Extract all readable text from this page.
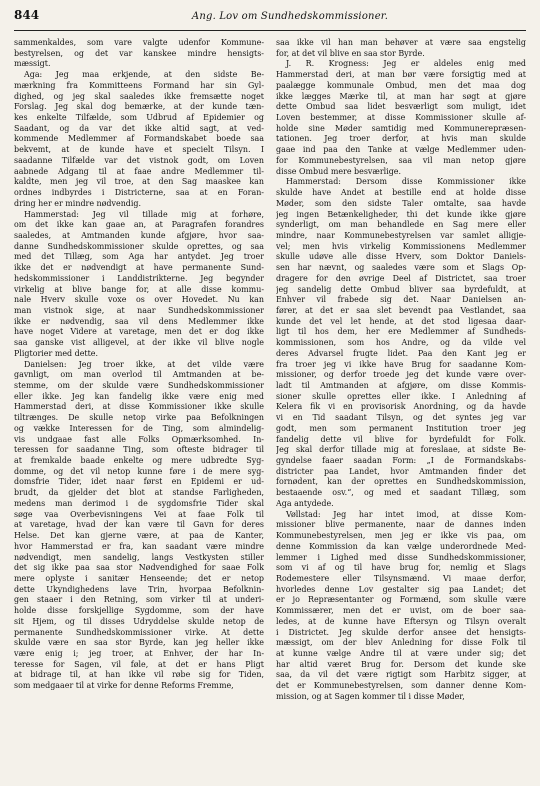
844	Ang. Lov om Sundhedskommissioner.
sammenkaldes, som vare valgte udenfor Kommune-
bestyrelsen, og det var kanskee mindre hensigts-
mæssigt.
Aga: Jeg maa erkjende, at den sidste Be-
mærkning fra Kommitteens Formand har sin Gyl-
dighed, og jeg skal saaledes ikke fremsætte noget
Forslag. Jeg skal dog bemærke, at der kunde tæn-
kes enkelte Tilfælde, som Udbrud af Epidemier og
Saadant, og da var det ikke altid sagt, at ved-
kommende Medlemmer af Formandskabet boede saa
bekvemt, at de kunde have et specielt Tilsyn. I
saadanne Tilfælde var det vistnok godt, om Loven
aabnede Adgang til at faae andre Medlemmer til-
kaldte, men jeg vil troe, at den Sag maaskee kan
ordnes indbyrdes i Districterne, saa at en Foran-
dring her er mindre nødvendig.
Hammerstad: Jeg vil tillade mig at forhøre,
om det ikke kan gaae an, at Paragrafen forandres
saaledes, at Amtmanden kunde afgjøre, hvor saa-
danne Sundhedskommissioner skulde oprettes, og saa
med det Tillæg, som Aga har antydet. Jeg troer
ikke det er nødvendigt at have permanente Sund-
hedskommissioner i Landdistrikterne. Jeg begynder
virkelig at blive bange for, at alle disse kommu-
nale Hverv skulle voxe os over Hovedet. Nu kan
man vistnok sige, at naar Sundhedskommissioner
ikke er nødvendig, saa vil dens Medlemmer ikke
have noget Videre at varetage, men det er dog ikke
saa ganske vist alligevel, at der ikke vil blive nogle
Pligtorier med dette.
Danielsen: Jeg troer ikke, at det vilde være
gavnligt, om man overlod til Amtmanden at be-
stemme, om der skulde være Sundhedskommissioner
eller ikke. Jeg kan fandelig ikke være enig med
Hammerstad deri, at disse Kommissioner ikke skulle
tiltrænges. De skulle netop virke paa Befolkningen
og vække Interessen for de Ting, som almindelig-
vis undgaae fast alle Folks Opmærksomhed. In-
teressen for saadanne Ting, som ofteste bidrager til
at fremkalde baade enkelte og mere udbredte Syg-
domme, og det vil netop kunne føre i de mere syg-
domsfrie Tider, idet naar først en Epidemi er ud-
brudt, da gjelder det blot at standse Farligheden,
medens man derimod i de sygdomsfrie Tider skal
søge vaa Overbevisningens Vei at faae Folk til
at varetage, hvad der kan være til Gavn for deres
Helse. Det kan gjerne være, at paa de Kanter,
hvor Hammerstad er fra, kan saadant være mindre
nødvendigt, men sandelig, langs Vestkysten stiller
det sig ikke paa saa stor Nødvendighed for saae Folk
mere oplyste i sanitær Henseende; det er netop
dette Ukyndighedens lave Trin, hvorpaa Befolknin-
gen staaer i den Retning, som virker til at underi-
holde disse forskjellige Sygdomme, som der have
sit Hjem, og til disses Udryddelse skulde netop de
permanente Sundhedskommissioner virke. At dette
skulde være en saa stor Byrde, kan jeg heller ikke
være enig i; jeg troer, at Enhver, der har In-
teresse for Sagen, vil føle, at det er hans Pligt
at bidrage til, at han ikke vil røbe sig for Tiden,
som medgaaer til at virke for denne Reforms Fremme,
saa ikke vil han man behøver at være saa engstelig
for, at det vil blive en saa stor Byrde.
J. R. Krogness: Jeg er aldeles enig med
Hammerstad deri, at man bør være forsigtig med at
paalægge kommunale Ombud, men det maa dog
ikke lægges Mærke til, at man har søgt at gjøre
dette Ombud saa lidet besværligt som muligt, idet
Loven bestemmer, at disse Kommissioner skulle af-
holde sine Møder samtidig med Kommunerepræsen-
tationen. Jeg troer derfor, at hvis man skulde
gaae ind paa den Tanke at vælge Medlemmer uden-
for Kommunebestyrelsen, saa vil man netop gjøre
disse Ombud mere besværlige.
Hammerstad: Dersom disse Kommissioner ikke
skulde have Andet at bestille end at holde disse
Møder, som den sidste Taler omtalte, saa havde
jeg ingen Betænkeligheder, thi det kunde ikke gjøre
synderligt, om man behandlede en Sag mere eller
mindre, naar Kommunebestyrelsen var samlet alligje-
vel; men hvis virkelig Kommissionens Medlemmer
skulle udøve alle disse Hverv, som Doktor Daniels-
sen har nævnt, og saaledes være som et Slags Op-
dragere for den øvrige Deel af Districtet, saa troer
jeg sandelig dette Ombud bliver saa byrdefuldt, at
Enhver vil frabede sig det. Naar Danielsen an-
fører, at det er saa slet bevendt paa Vestlandet, saa
kunde det vel let hende, at det stod ligesaa daar-
ligt til hos dem, her ere Medlemmer af Sundheds-
kommissionen, som hos Andre, og da vilde vel
deres Advarsel frugte lidet. Paa den Kant jeg er
fra troer jeg vi ikke have Brug for saadanne Kom-
missioner, og derfor troede jeg det kunde være over-
ladt til Amtmanden at afgjøre, om disse Kommis-
sioner skulle oprettes eller ikke. I Anledning af
Kelera fik vi en provisorisk Anordning, og da havde
vi en Tid saadant Tilsyn, og det syntes jeg var
godt, men som permanent Institution troer jeg
fandelig dette vil blive for byrdefuldt for Folk.
Jeg skal derfor tillade mig at foreslaae, at sidste Be-
gyndelse faaer saadan Form: „I de Formandskabs-
districter paa Landet, hvor Amtmanden finder det
fornødent, kan der oprettes en Sundhedskommission,
bestaaende osv.“, og med et saadant Tillæg, som
Aga antydede.
Vøllstad: Jeg har intet imod, at disse Kom-
missioner blive permanente, naar de dannes inden
Kommunebestyrelsen, men jeg er ikke vis paa, om
denne Kommission da kan vælge underordnede Med-
lemmer i Lighed med disse Sundhedskommissioner,
som vi af og til have brug for, nemlig et Slags
Rodemestere eller Tilsynsmænd. Vi maae derfor,
hvorledes denne Lov gestalter sig paa Landet; det
er jo Repræsentanter og Formænd, som skulle være
Kommissærer, men det er uvist, om de boer saa-
ledes, at de kunne have Eftersyn og Tilsyn overalt
i Districtet. Jeg skulde derfor ansee det hensigts-
mæssigt, om der blev Anledning for disse Folk til
at kunne vælge Andre til at være under sig; det
har altid været Brug for. Dersom det kunde ske
saa, da vil det være rigtigt som Harbitz sigger, at
det er Kommunebestyrelsen, som danner denne Kom-
mission, og at Sagen kommer til i disse Møder,
